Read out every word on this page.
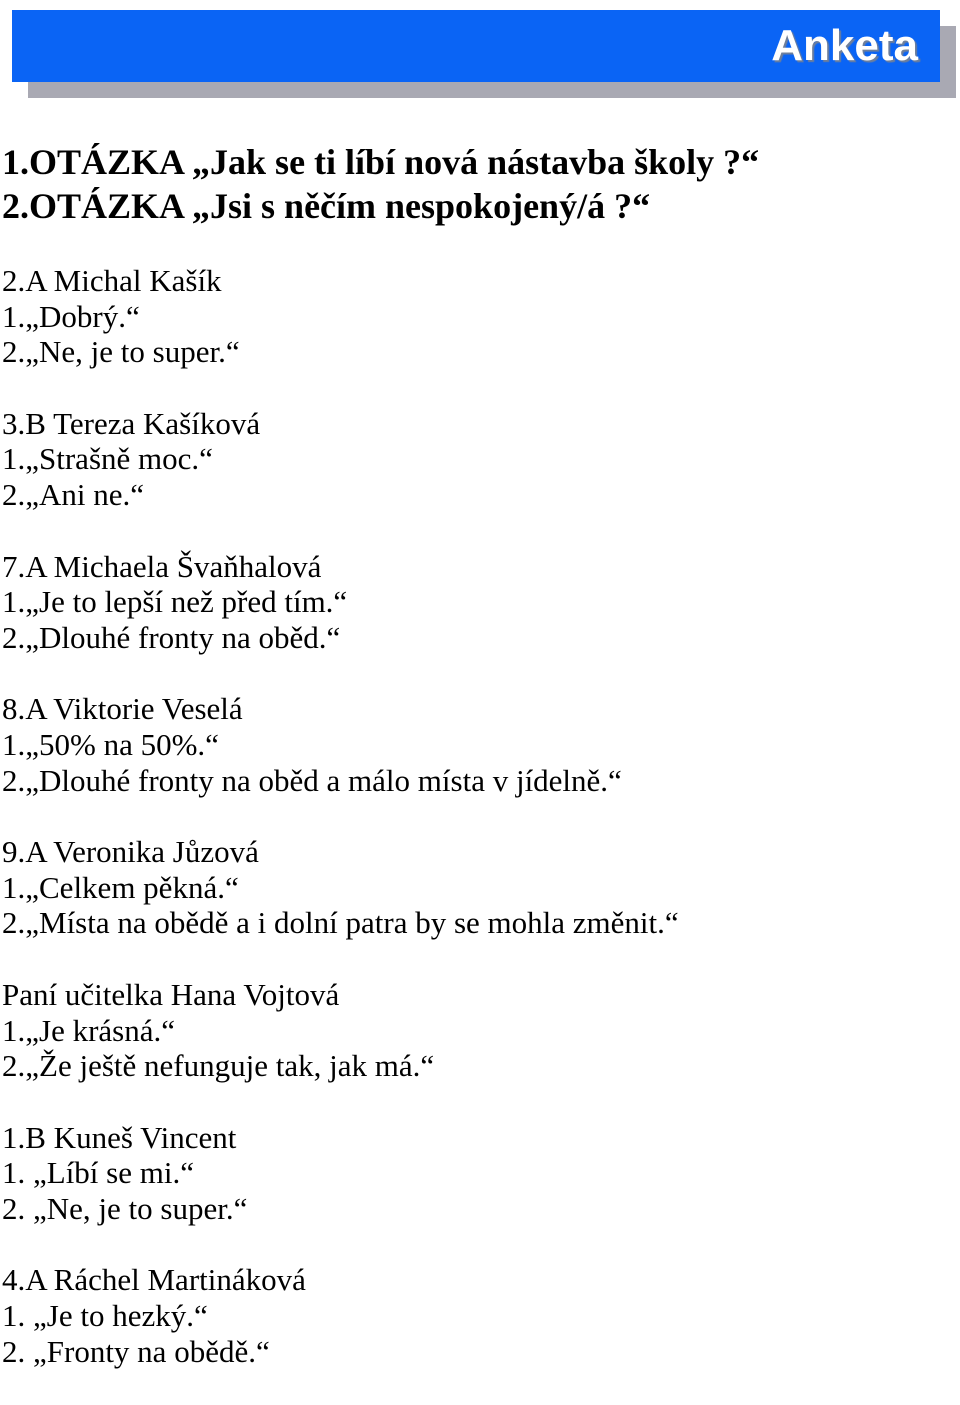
Anketa
1.OTÁZKA „Jak se ti líbí nová nástavba školy ?“
2.OTÁZKA „Jsi s něčím nespokojený/á ?“
2.A Michal Kašík
1.„Dobrý.“
2.„Ne, je to super.“
3.B Tereza Kašíková
1.„Strašně moc.“
2.„Ani ne.“
7.A Michaela Švaňhalová
1.„Je to lepší než před tím.“
2.„Dlouhé fronty na oběd.“
8.A Viktorie Veselá
1.„50% na 50%.“
2.„Dlouhé fronty na oběd a málo místa v jídelně.“
9.A Veronika Jůzová
1.„Celkem pěkná.“
2.„Místa na obědě a i dolní patra by se mohla změnit.“
Paní učitelka Hana Vojtová
1.„Je krásná.“
2.„Že ještě nefunguje tak, jak má.“
1.B Kuneš Vincent
1. „Líbí se mi.“
2. „Ne, je to super.“
4.A Ráchel Martináková
1. „Je to hezký.“
2. „Fronty na obědě.“
